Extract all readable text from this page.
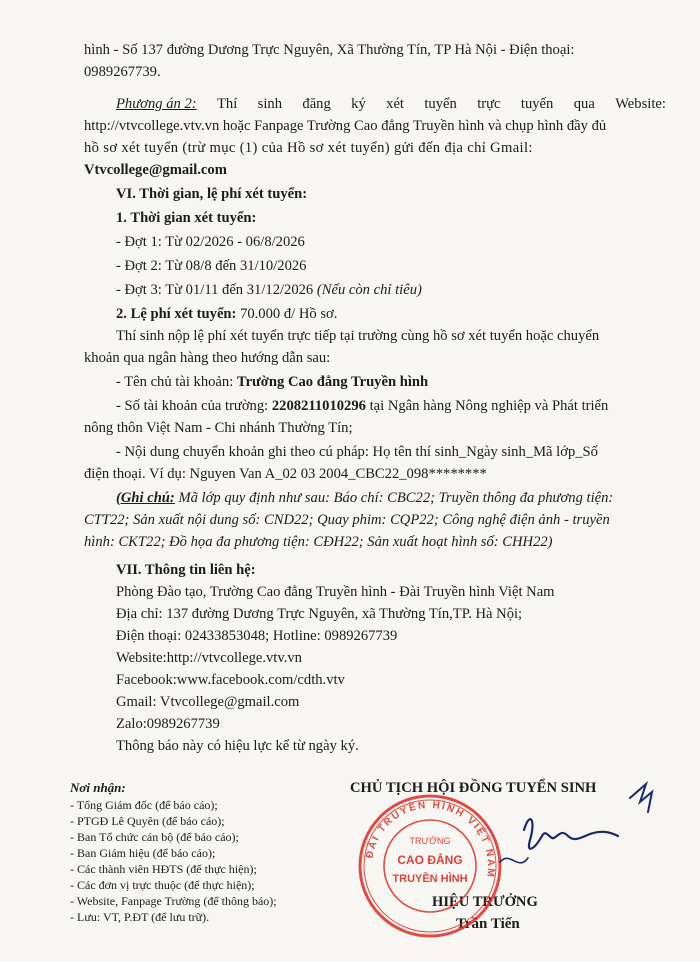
hình - Số 137 đường Dương Trực Nguyên, Xã Thường Tín, TP Hà Nội - Điện thoại:
0989267739.
Phương án 2: Thí sinh đăng ký xét tuyển trực tuyến qua Website:
http://vtvcollege.vtv.vn hoặc Fanpage Trường Cao đẳng Truyền hình và chụp hình đầy đủ
hồ sơ xét tuyển (trừ mục (1) của Hồ sơ xét tuyển) gửi đến địa chỉ Gmail:
Vtvcollege@gmail.com
VI. Thời gian, lệ phí xét tuyển:
1. Thời gian xét tuyển:
- Đợt 1: Từ 02/2026 - 06/8/2026
- Đợt 2: Từ 08/8 đến 31/10/2026
- Đợt 3: Từ 01/11 đến 31/12/2026 (Nếu còn chỉ tiêu)
2. Lệ phí xét tuyển: 70.000 đ/ Hồ sơ.
Thí sinh nộp lệ phí xét tuyển trực tiếp tại trường cùng hồ sơ xét tuyển hoặc chuyển
khoản qua ngân hàng theo hướng dẫn sau:
- Tên chủ tài khoản: Trường Cao đẳng Truyền hình
- Số tài khoản của trường: 2208211010296 tại Ngân hàng Nông nghiệp và Phát triển
nông thôn Việt Nam - Chi nhánh Thường Tín;
- Nội dung chuyển khoản ghi theo cú pháp: Họ tên thí sinh_Ngày sinh_Mã lớp_Số
điện thoại. Ví dụ: Nguyen Van A_02 03 2004_CBC22_098********
(Ghi chú: Mã lớp quy định như sau: Báo chí: CBC22; Truyền thông đa phương tiện:
CTT22; Sản xuất nội dung số: CND22; Quay phim: CQP22; Công nghệ điện ảnh - truyền
hình: CKT22; Đồ họa đa phương tiện: CĐH22; Sản xuất hoạt hình số: CHH22)
VII. Thông tin liên hệ:
Phòng Đào tạo, Trường Cao đẳng Truyền hình - Đài Truyền hình Việt Nam
Địa chỉ: 137 đường Dương Trực Nguyên, xã Thường Tín,TP. Hà Nội;
Điện thoại: 02433853048; Hotline: 0989267739
Website:http://vtvcollege.vtv.vn
Facebook:www.facebook.com/cdth.vtv
Gmail: Vtvcollege@gmail.com
Zalo:0989267739
Thông báo này có hiệu lực kể từ ngày ký.
Nơi nhận:
- Tổng Giám đốc (để báo cáo);
- PTGĐ Lê Quyên (để báo cáo);
- Ban Tổ chức cán bộ (để báo cáo);
- Ban Giám hiệu (để báo cáo);
- Các thành viên HĐTS (để thực hiện);
- Các đơn vị trực thuộc (để thực hiện);
- Website, Fanpage Trường (để thông báo);
- Lưu: VT, P.ĐT (để lưu trữ).
CHỦ TỊCH HỘI ĐỒNG TUYỂN SINH
HIỆU TRƯỞNG
Trần Tiến
ĐÀI TRUYỀN HÌNH VIỆT NAM
TRƯỜNG
CAO ĐẲNG
TRUYỀN HÌNH
